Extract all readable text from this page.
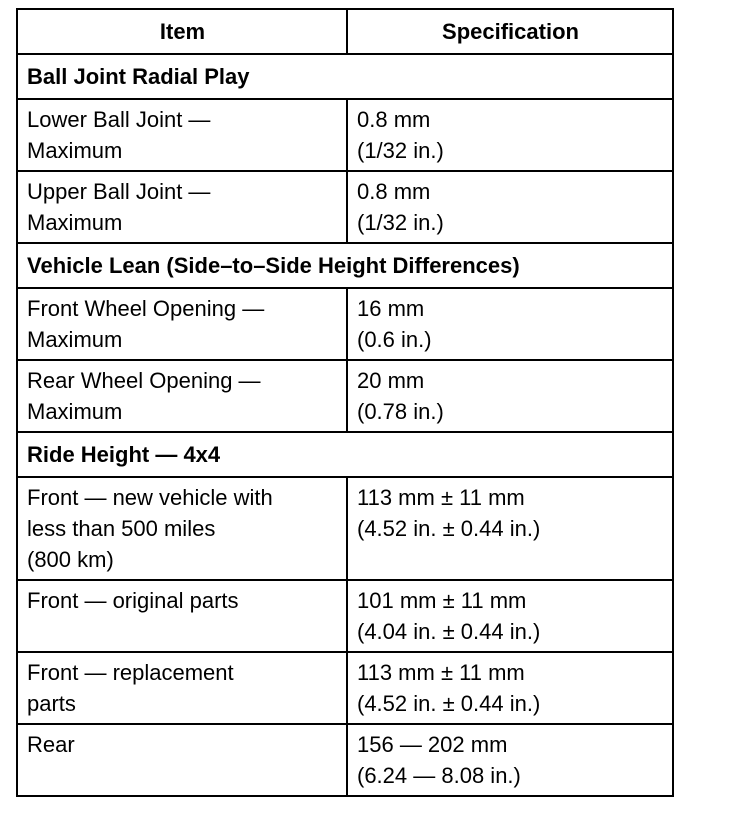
Item	Specification
Ball Joint Radial Play	

Lower Ball Joint —
Maximum	0.8 mm
(1/32 in.)

Upper Ball Joint —
Maximum	0.8 mm
(1/32 in.)

Vehicle Lean (Side–to–Side Height Differences)	

Front Wheel Opening —
Maximum	16 mm
(0.6 in.)

Rear Wheel Opening —
Maximum	20 mm
(0.78 in.)

Ride Height — 4x4	

Front — new vehicle with
less than 500 miles
(800 km)	113 mm ± 11 mm
(4.52 in. ± 0.44 in.)

Front — original parts	101 mm ± 11 mm
(4.04 in. ± 0.44 in.)

Front — replacement
parts	113 mm ± 11 mm
(4.52 in. ± 0.44 in.)

Rear	156 — 202 mm
(6.24 — 8.08 in.)
